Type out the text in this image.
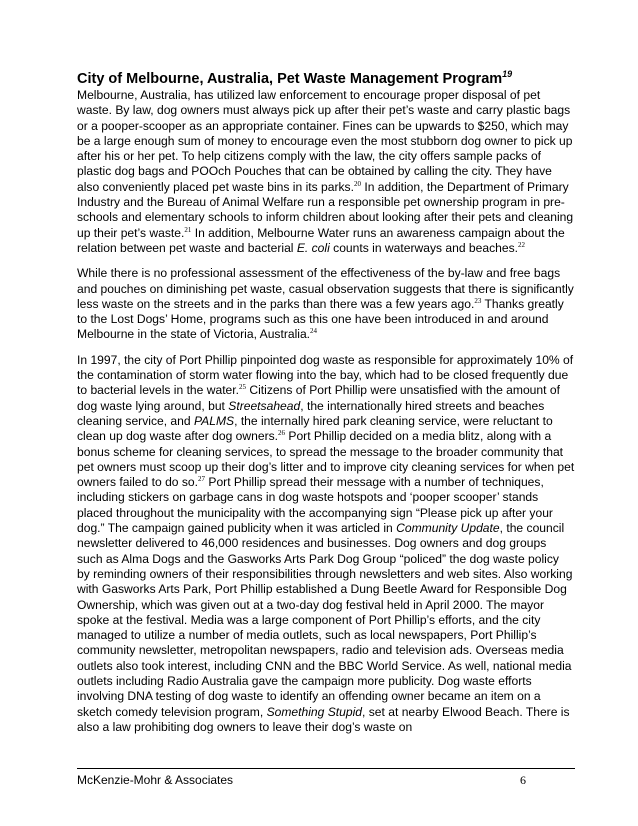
City of Melbourne, Australia, Pet Waste Management Program$^{19}$

Melbourne, Australia, has utilized law enforcement to encourage proper disposal of pet waste. By law, dog owners must always pick up after their pet’s waste and carry plastic bags or a pooper-scooper as an appropriate container. Fines can be upwards to $250, which may be a large enough sum of money to encourage even the most stubborn dog owner to pick up after his or her pet. To help citizens comply with the law, the city offers sample packs of plastic dog bags and POOch Pouches that can be obtained by calling the city. They have also conveniently placed pet waste bins in its parks.$^{20}$ In addition, the Department of Primary Industry and the Bureau of Animal Welfare run a responsible pet ownership program in pre-schools and elementary schools to inform children about looking after their pets and cleaning up their pet’s waste.$^{21}$ In addition, Melbourne Water runs an awareness campaign about the relation between pet waste and bacterial E. coli counts in waterways and beaches.$^{22}$

While there is no professional assessment of the effectiveness of the by-law and free bags and pouches on diminishing pet waste, casual observation suggests that there is significantly less waste on the streets and in the parks than there was a few years ago.$^{23}$ Thanks greatly to the Lost Dogs’ Home, programs such as this one have been introduced in and around Melbourne in the state of Victoria, Australia.$^{24}$

In 1997, the city of Port Phillip pinpointed dog waste as responsible for approximately 10% of the contamination of storm water flowing into the bay, which had to be closed frequently due to bacterial levels in the water.$^{25}$ Citizens of Port Phillip were unsatisfied with the amount of dog waste lying around, but Streetsahead, the internationally hired streets and beaches cleaning service, and PALMS, the internally hired park cleaning service, were reluctant to clean up dog waste after dog owners.$^{26}$ Port Phillip decided on a media blitz, along with a bonus scheme for cleaning services, to spread the message to the broader community that pet owners must scoop up their dog’s litter and to improve city cleaning services for when pet owners failed to do so.$^{27}$ Port Phillip spread their message with a number of techniques, including stickers on garbage cans in dog waste hotspots and ‘pooper scooper’ stands placed throughout the municipality with the accompanying sign “Please pick up after your dog.” The campaign gained publicity when it was articled in Community Update, the council newsletter delivered to 46,000 residences and businesses. Dog owners and dog groups such as Alma Dogs and the Gasworks Arts Park Dog Group “policed” the dog waste policy by reminding owners of their responsibilities through newsletters and web sites. Also working with Gasworks Arts Park, Port Phillip established a Dung Beetle Award for Responsible Dog Ownership, which was given out at a two-day dog festival held in April 2000. The mayor spoke at the festival. Media was a large component of Port Phillip’s efforts, and the city managed to utilize a number of media outlets, such as local newspapers, Port Phillip’s community newsletter, metropolitan newspapers, radio and television ads. Overseas media outlets also took interest, including CNN and the BBC World Service. As well, national media outlets including Radio Australia gave the campaign more publicity. Dog waste efforts involving DNA testing of dog waste to identify an offending owner became an item on a sketch comedy television program, Something Stupid, set at nearby Elwood Beach. There is also a law prohibiting dog owners to leave their dog’s waste on

McKenzie-Mohr & Associates	6
